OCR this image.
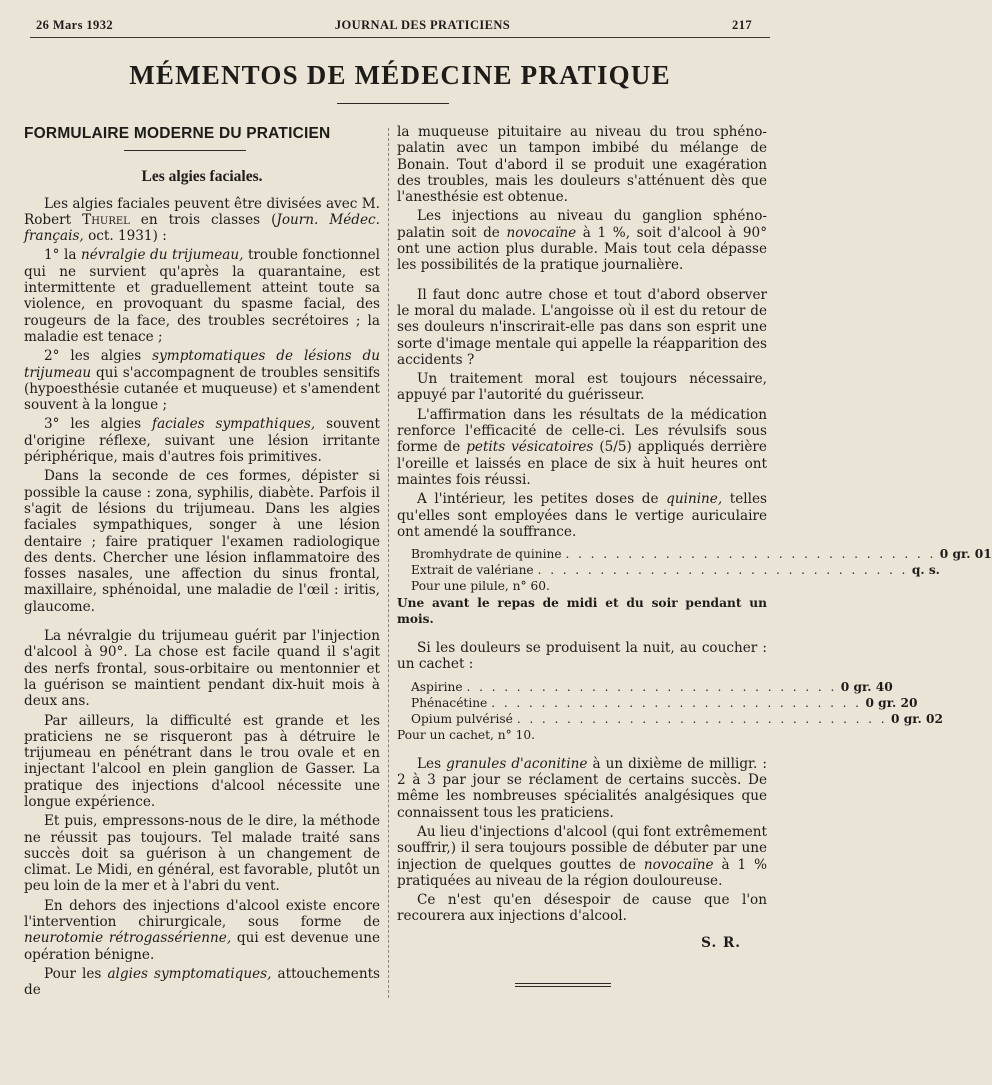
26 Mars 1932	JOURNAL DES PRATICIENS	217
MÉMENTOS DE MÉDECINE PRATIQUE
FORMULAIRE MODERNE DU PRATICIEN
Les algies faciales.

Les algies faciales peuvent être divisées avec M. Robert Thurel en trois classes (Journ. Médec. français, oct. 1931) :

1° la névralgie du trijumeau, trouble fonctionnel qui ne survient qu'après la quarantaine, est intermittente et graduellement atteint toute sa violence, en provoquant du spasme facial, des rougeurs de la face, des troubles secrétoires ; la maladie est tenace ;

2° les algies symptomatiques de lésions du trijumeau qui s'accompagnent de troubles sensitifs (hypoesthésie cutanée et muqueuse) et s'amendent souvent à la longue ;

3° les algies faciales sympathiques, souvent d'origine réflexe, suivant une lésion irritante périphérique, mais d'autres fois primitives.

Dans la seconde de ces formes, dépister si possible la cause : zona, syphilis, diabète. Parfois il s'agit de lésions du trijumeau. Dans les algies faciales sympathiques, songer à une lésion dentaire ; faire pratiquer l'examen radiologique des dents. Chercher une lésion inflammatoire des fosses nasales, une affection du sinus frontal, maxillaire, sphénoidal, une maladie de l'œil : iritis, glaucome.

La névralgie du trijumeau guérit par l'injection d'alcool à 90°. La chose est facile quand il s'agit des nerfs frontal, sous-orbitaire ou mentonnier et la guérison se maintient pendant dix-huit mois à deux ans.

Par ailleurs, la difficulté est grande et les praticiens ne se risqueront pas à détruire le trijumeau en pénétrant dans le trou ovale et en injectant l'alcool en plein ganglion de Gasser. La pratique des injections d'alcool nécessite une longue expérience.

Et puis, empressons-nous de le dire, la méthode ne réussit pas toujours. Tel malade traité sans succès doit sa guérison à un changement de climat. Le Midi, en général, est favorable, plutôt un peu loin de la mer et à l'abri du vent.

En dehors des injections d'alcool existe encore l'intervention chirurgicale, sous forme de neurotomie rétrogassérienne, qui est devenue une opération bénigne.

Pour les algies symptomatiques, attouchements de

la muqueuse pituitaire au niveau du trou sphéno-palatin avec un tampon imbibé du mélange de Bonain. Tout d'abord il se produit une exagération des troubles, mais les douleurs s'atténuent dès que l'anesthésie est obtenue.

Les injections au niveau du ganglion sphéno-palatin soit de novocaïne à 1 %, soit d'alcool à 90° ont une action plus durable. Mais tout cela dépasse les possibilités de la pratique journalière.

Il faut donc autre chose et tout d'abord observer le moral du malade. L'angoisse où il est du retour de ses douleurs n'inscrirait-elle pas dans son esprit une sorte d'image mentale qui appelle la réapparition des accidents ?

Un traitement moral est toujours nécessaire, appuyé par l'autorité du guérisseur.

L'affirmation dans les résultats de la médication renforce l'efficacité de celle-ci. Les révulsifs sous forme de petits vésicatoires (5/5) appliqués derrière l'oreille et laissés en place de six à huit heures ont maintes fois réussi.

A l'intérieur, les petites doses de quinine, telles qu'elles sont employées dans le vertige auriculaire ont amendé la souffrance.

Bromhydrate de quinine . . . . . . . . . . . . . . . . . . . . . . . . . . . . . . 0 gr. 01
Extrait de valériane . . . . . . . . . . . . . . . . . . . . . . . . . . . . . . q. s.
Pour une pilule, n° 60.
Une avant le repas de midi et du soir pendant un mois.

Si les douleurs se produisent la nuit, au coucher : un cachet :

Aspirine . . . . . . . . . . . . . . . . . . . . . . . . . . . . . . 0 gr. 40
Phénacétine . . . . . . . . . . . . . . . . . . . . . . . . . . . . . . 0 gr. 20
Opium pulvérisé . . . . . . . . . . . . . . . . . . . . . . . . . . . . . . 0 gr. 02
Pour un cachet, n° 10.

Les granules d'aconitine à un dixième de milligr. : 2 à 3 par jour se réclament de certains succès. De même les nombreuses spécialités analgésiques que connaissent tous les praticiens.

Au lieu d'injections d'alcool (qui font extrêmement souffrir,) il sera toujours possible de débuter par une injection de quelques gouttes de novocaïne à 1 % pratiquées au niveau de la région douloureuse.

Ce n'est qu'en désespoir de cause que l'on recourera aux injections d'alcool.

S. R.
